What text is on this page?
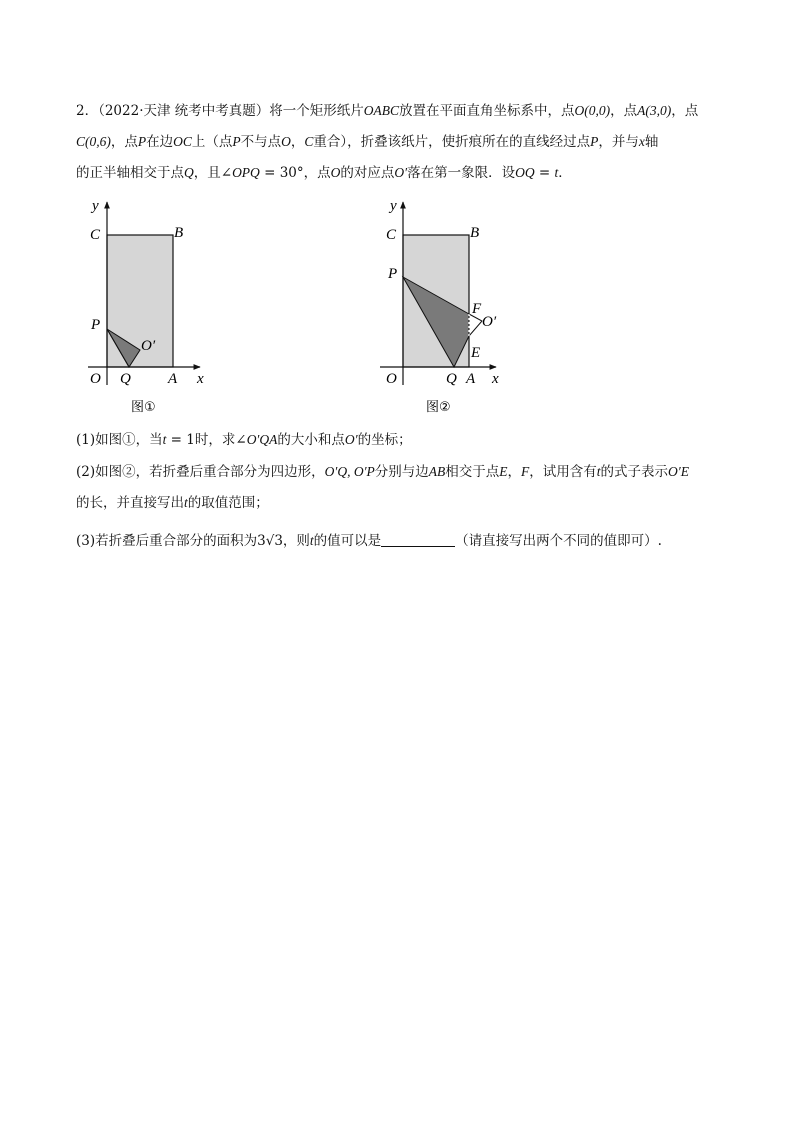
2．（2022·天津 统考中考真题）将一个矩形纸片OABC放置在平面直角坐标系中，点O(0,0)，点A(3,0)，点
C(0,6)，点P在边OC上（点P不与点O，C重合），折叠该纸片，使折痕所在的直线经过点P，并与x轴
的正半轴相交于点Q，且∠OPQ = 30°，点O的对应点O′落在第一象限．设OQ = t．
y
C	B
P
O′
O Q A x
图①
y
C	B
P
F
O′
E
O	Q A x
图②
(1)如图①，当t = 1时，求∠O′QA的大小和点O′的坐标；
(2)如图②，若折叠后重合部分为四边形，O′Q, O′P分别与边AB相交于点E，F，试用含有t的式子表示O′E
的长，并直接写出t的取值范围；
(3)若折叠后重合部分的面积为3√3，则t的值可以是	（请直接写出两个不同的值即可）.
